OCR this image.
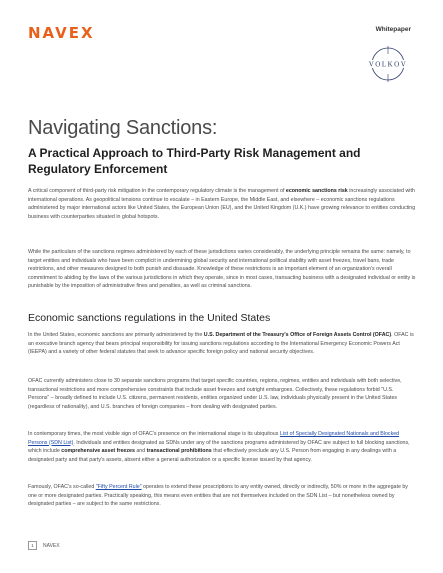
NAVEX	Whitepaper
VOLKOV
Navigating Sanctions:
A Practical Approach to Third-Party Risk Management and Regulatory Enforcement
A critical component of third-party risk mitigation in the contemporary regulatory climate is the management of economic sanctions risk increasingly associated with international operations. As geopolitical tensions continue to escalate – in Eastern Europe, the Middle East, and elsewhere – economic sanctions regulations administered by major international actors like United States, the European Union (EU), and the United Kingdom (U.K.) have growing relevance to entities conducting business with counterparties situated in global hotspots.
While the particulars of the sanctions regimes administered by each of these jurisdictions varies considerably, the underlying principle remains the same: namely, to target entities and individuals who have been complicit in undermining global security and international political stability with asset freezes, travel bans, trade restrictions, and other measures designed to both punish and dissuade. Knowledge of these restrictions is an important element of an organization's overall commitment to abiding by the laws of the various jurisdictions in which they operate, since in most cases, transacting business with a designated individual or entity is punishable by the imposition of administrative fines and penalties, as well as criminal sanctions.
Economic sanctions regulations in the United States
In the United States, economic sanctions are primarily administered by the U.S. Department of the Treasury's Office of Foreign Assets Control (OFAC). OFAC is an executive branch agency that bears principal responsibility for issuing sanctions regulations according to the International Emergency Economic Powers Act (IEEPA) and a variety of other federal statutes that seek to advance specific foreign policy and national security objectives.
OFAC currently administers close to 30 separate sanctions programs that target specific countries, regions, regimes, entities and individuals with both selective, transactional restrictions and more comprehensive constraints that include asset freezes and outright embargoes. Collectively, these regulations forbid "U.S. Persons" – broadly defined to include U.S. citizens, permanent residents, entities organized under U.S. law, individuals physically present in the United States (regardless of nationality), and U.S. branches of foreign companies – from dealing with designated parties.
In contemporary times, the most visible sign of OFAC's presence on the international stage is its ubiquitous List of Specially Designated Nationals and Blocked Persons (SDN List). Individuals and entities designated as SDNs under any of the sanctions programs administered by OFAC are subject to full blocking sanctions, which include comprehensive asset freezes and transactional prohibitions that effectively preclude any U.S. Person from engaging in any dealings with a designated party and that party's assets, absent either a general authorization or a specific license issued by that agency.
Famously, OFAC's so-called "Fifty Percent Rule" operates to extend these proscriptions to any entity owned, directly or indirectly, 50% or more in the aggregate by one or more designated parties. Practically speaking, this means even entities that are not themselves included on the SDN List – but nonetheless owned by designated parties – are subject to the same restrictions.
1	NAVEX
